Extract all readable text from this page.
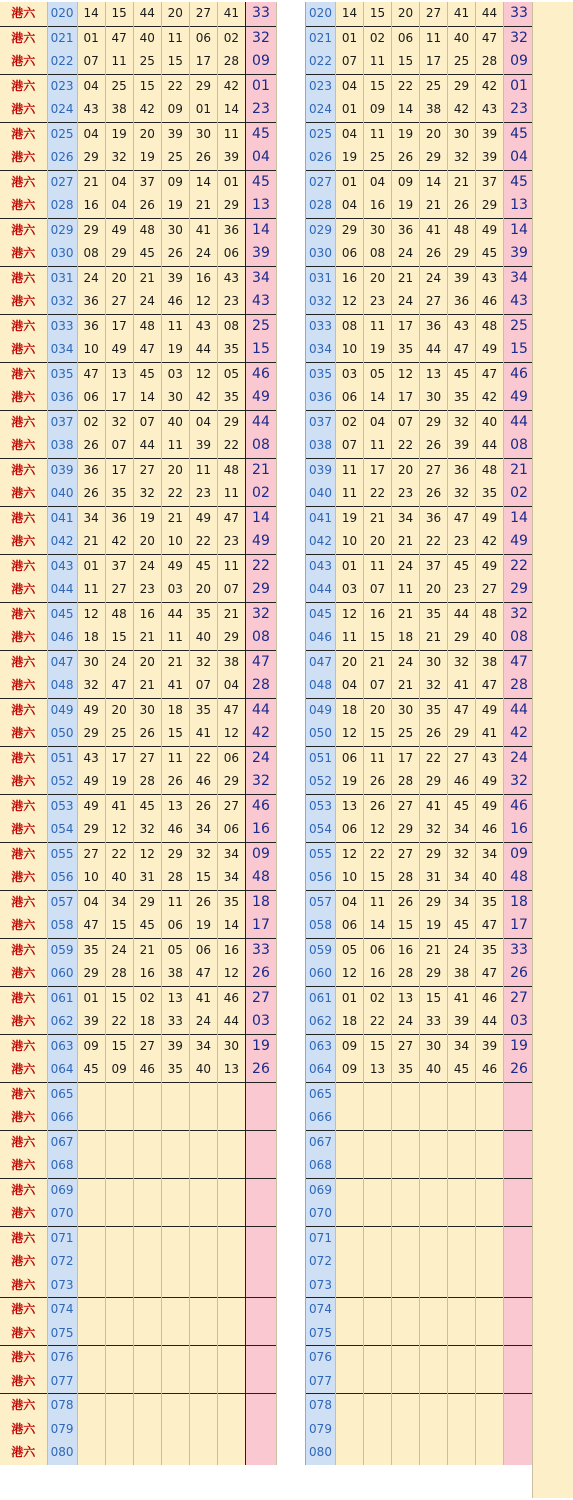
港六	020	14	15	44	20	27	41	33
港六	021	01	47	40	11	06	02	32
港六	022	07	11	25	15	17	28	09
港六	023	04	25	15	22	29	42	01
港六	024	43	38	42	09	01	14	23
港六	025	04	19	20	39	30	11	45
港六	026	29	32	19	25	26	39	04
港六	027	21	04	37	09	14	01	45
港六	028	16	04	26	19	21	29	13
港六	029	29	49	48	30	41	36	14
港六	030	08	29	45	26	24	06	39
港六	031	24	20	21	39	16	43	34
港六	032	36	27	24	46	12	23	43
港六	033	36	17	48	11	43	08	25
港六	034	10	49	47	19	44	35	15
港六	035	47	13	45	03	12	05	46
港六	036	06	17	14	30	42	35	49
港六	037	02	32	07	40	04	29	44
港六	038	26	07	44	11	39	22	08
港六	039	36	17	27	20	11	48	21
港六	040	26	35	32	22	23	11	02
港六	041	34	36	19	21	49	47	14
港六	042	21	42	20	10	22	23	49
港六	043	01	37	24	49	45	11	22
港六	044	11	27	23	03	20	07	29
港六	045	12	48	16	44	35	21	32
港六	046	18	15	21	11	40	29	08
港六	047	30	24	20	21	32	38	47
港六	048	32	47	21	41	07	04	28
港六	049	49	20	30	18	35	47	44
港六	050	29	25	26	15	41	12	42
港六	051	43	17	27	11	22	06	24
港六	052	49	19	28	26	46	29	32
港六	053	49	41	45	13	26	27	46
港六	054	29	12	32	46	34	06	16
港六	055	27	22	12	29	32	34	09
港六	056	10	40	31	28	15	34	48
港六	057	04	34	29	11	26	35	18
港六	058	47	15	45	06	19	14	17
港六	059	35	24	21	05	06	16	33
港六	060	29	28	16	38	47	12	26
港六	061	01	15	02	13	41	46	27
港六	062	39	22	18	33	24	44	03
港六	063	09	15	27	39	34	30	19
港六	064	45	09	46	35	40	13	26
港六	065							
港六	066							
港六	067							
港六	068							
港六	069							
港六	070							
港六	071							
港六	072							
港六	073							
港六	074							
港六	075							
港六	076							
港六	077							
港六	078							
港六	079							
港六	080							
020	14	15	20	27	41	44	33
021	01	02	06	11	40	47	32
022	07	11	15	17	25	28	09
023	04	15	22	25	29	42	01
024	01	09	14	38	42	43	23
025	04	11	19	20	30	39	45
026	19	25	26	29	32	39	04
027	01	04	09	14	21	37	45
028	04	16	19	21	26	29	13
029	29	30	36	41	48	49	14
030	06	08	24	26	29	45	39
031	16	20	21	24	39	43	34
032	12	23	24	27	36	46	43
033	08	11	17	36	43	48	25
034	10	19	35	44	47	49	15
035	03	05	12	13	45	47	46
036	06	14	17	30	35	42	49
037	02	04	07	29	32	40	44
038	07	11	22	26	39	44	08
039	11	17	20	27	36	48	21
040	11	22	23	26	32	35	02
041	19	21	34	36	47	49	14
042	10	20	21	22	23	42	49
043	01	11	24	37	45	49	22
044	03	07	11	20	23	27	29
045	12	16	21	35	44	48	32
046	11	15	18	21	29	40	08
047	20	21	24	30	32	38	47
048	04	07	21	32	41	47	28
049	18	20	30	35	47	49	44
050	12	15	25	26	29	41	42
051	06	11	17	22	27	43	24
052	19	26	28	29	46	49	32
053	13	26	27	41	45	49	46
054	06	12	29	32	34	46	16
055	12	22	27	29	32	34	09
056	10	15	28	31	34	40	48
057	04	11	26	29	34	35	18
058	06	14	15	19	45	47	17
059	05	06	16	21	24	35	33
060	12	16	28	29	38	47	26
061	01	02	13	15	41	46	27
062	18	22	24	33	39	44	03
063	09	15	27	30	34	39	19
064	09	13	35	40	45	46	26
065							
066							
067							
068							
069							
070							
071							
072							
073							
074							
075							
076							
077							
078							
079							
080							
